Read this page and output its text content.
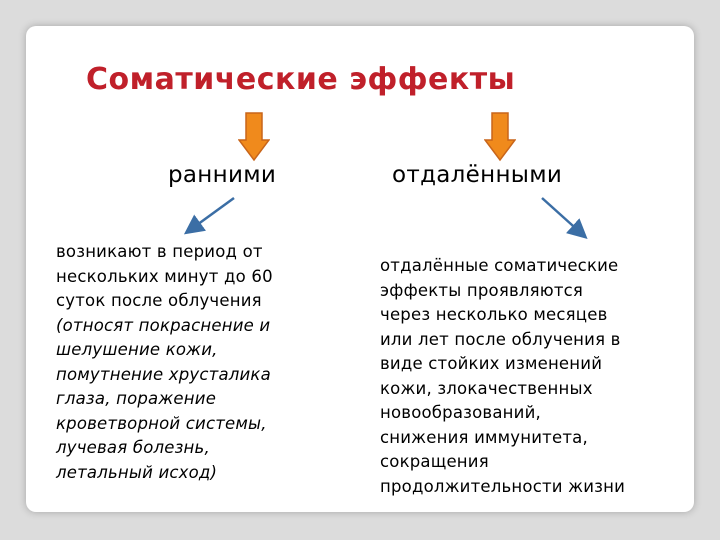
Соматические эффекты
ранними	отдалёнными
возникают в период от
нескольких минут до 60
суток после облучения
(относят покраснение и
шелушение кожи,
помутнение хрусталика
глаза, поражение
кроветворной системы,
лучевая болезнь,
летальный исход)
отдалённые соматические
эффекты проявляются
через несколько месяцев
или лет после облучения в
виде стойких изменений
кожи, злокачественных
новообразований,
снижения иммунитета,
сокращения
продолжительности жизни
